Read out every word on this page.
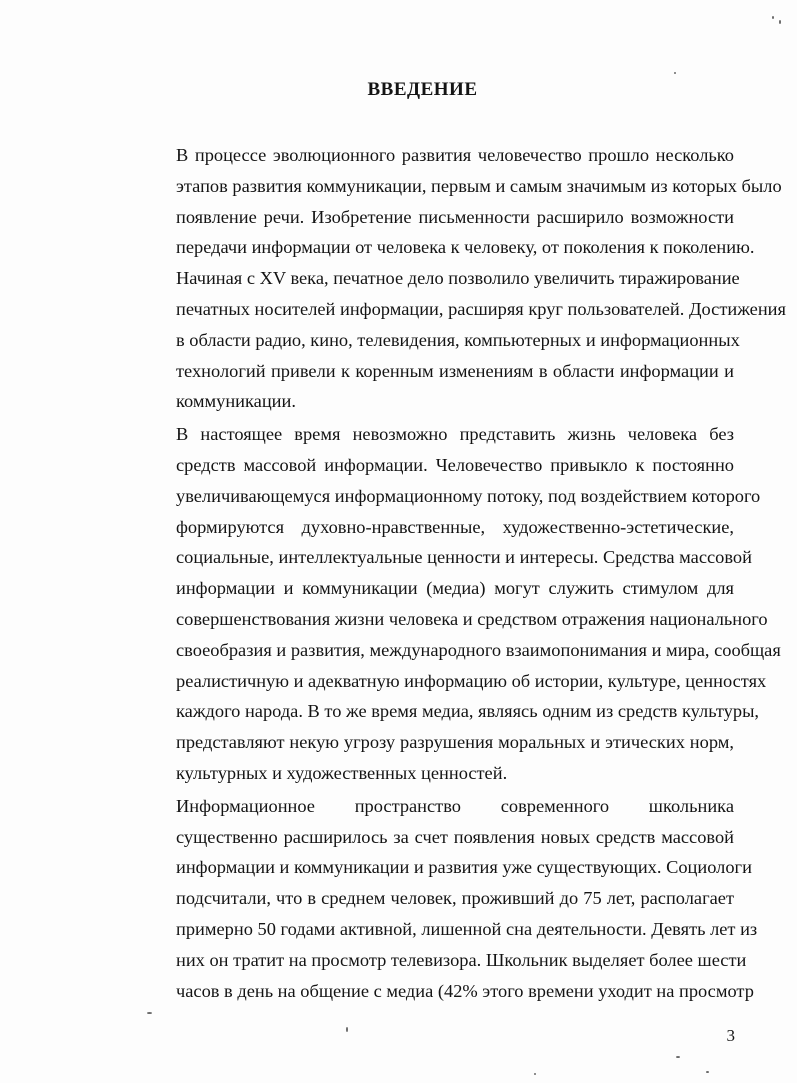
ВВЕДЕНИЕ

В процессе эволюционного развития человечество прошло несколько
этапов развития коммуникации, первым и самым значимым из которых было
появление речи. Изобретение письменности расширило возможности
передачи информации от человека к человеку, от поколения к поколению.
Начиная с XV века, печатное дело позволило увеличить тиражирование
печатных носителей информации, расширяя круг пользователей. Достижения
в области радио, кино, телевидения, компьютерных и информационных
технологий привели к коренным изменениям в области информации и
коммуникации.

В настоящее время невозможно представить жизнь человека без
средств массовой информации. Человечество привыкло к постоянно
увеличивающемуся информационному потоку, под воздействием которого
формируются духовно-нравственные, художественно-эстетические,
социальные, интеллектуальные ценности и интересы. Средства массовой
информации и коммуникации (медиа) могут служить стимулом для
совершенствования жизни человека и средством отражения национального
своеобразия и развития, международного взаимопонимания и мира, сообщая
реалистичную и адекватную информацию об истории, культуре, ценностях
каждого народа. В то же время медиа, являясь одним из средств культуры,
представляют некую угрозу разрушения моральных и этических норм,
культурных и художественных ценностей.

Информационное пространство современного школьника
существенно расширилось за счет появления новых средств массовой
информации и коммуникации и развития уже существующих. Социологи
подсчитали, что в среднем человек, проживший до 75 лет, располагает
примерно 50 годами активной, лишенной сна деятельности. Девять лет из
них он тратит на просмотр телевизора. Школьник выделяет более шести
часов в день на общение с медиа (42% этого времени уходит на просмотр

3
